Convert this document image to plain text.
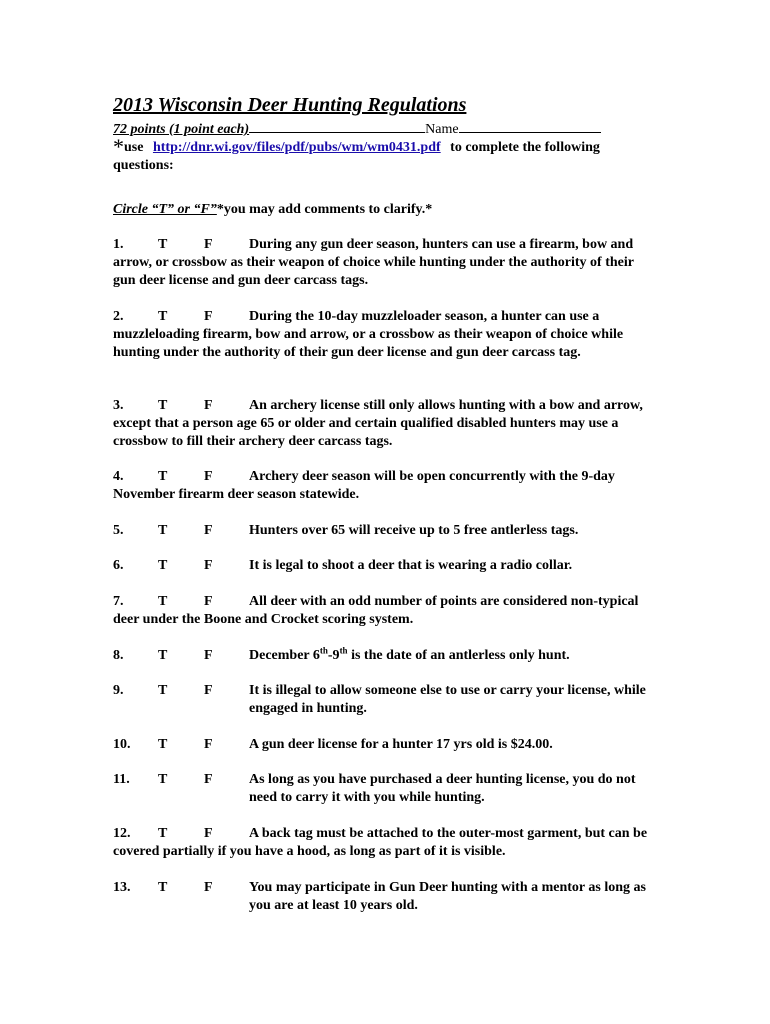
2013 Wisconsin Deer Hunting Regulations
72 points (1 point each)	Name
*use http://dnr.wi.gov/files/pdf/pubs/wm/wm0431.pdf to complete the following questions:
Circle “T” or “F”*you may add comments to clarify.*
1. T	F	During any gun deer season, hunters can use a firearm, bow and arrow, or crossbow as their weapon of choice while hunting under the authority of their gun deer license and gun deer carcass tags.
2. T	F	During the 10-day muzzleloader season, a hunter can use a muzzleloading firearm, bow and arrow, or a crossbow as their weapon of choice while hunting under the authority of their gun deer license and gun deer carcass tag.
3. T	F	An archery license still only allows hunting with a bow and arrow, except that a person age 65 or older and certain qualified disabled hunters may use a crossbow to fill their archery deer carcass tags.
4. T	F	Archery deer season will be open concurrently with the 9-day November firearm deer season statewide.
5. T	F	Hunters over 65 will receive up to 5 free antlerless tags.
6. T	F	It is legal to shoot a deer that is wearing a radio collar.
7. T	F	All deer with an odd number of points are considered non-typical deer under the Boone and Crocket scoring system.
8. T	F	December 6th-9th is the date of an antlerless only hunt.
9. T	F	It is illegal to allow someone else to use or carry your license, while engaged in hunting.
10. T	F	A gun deer license for a hunter 17 yrs old is $24.00.
11. T	F	As long as you have purchased a deer hunting license, you do not need to carry it with you while hunting.
12. T	F	A back tag must be attached to the outer-most garment, but can be covered partially if you have a hood, as long as part of it is visible.
13. T	F	You may participate in Gun Deer hunting with a mentor as long as you are at least 10 years old.
